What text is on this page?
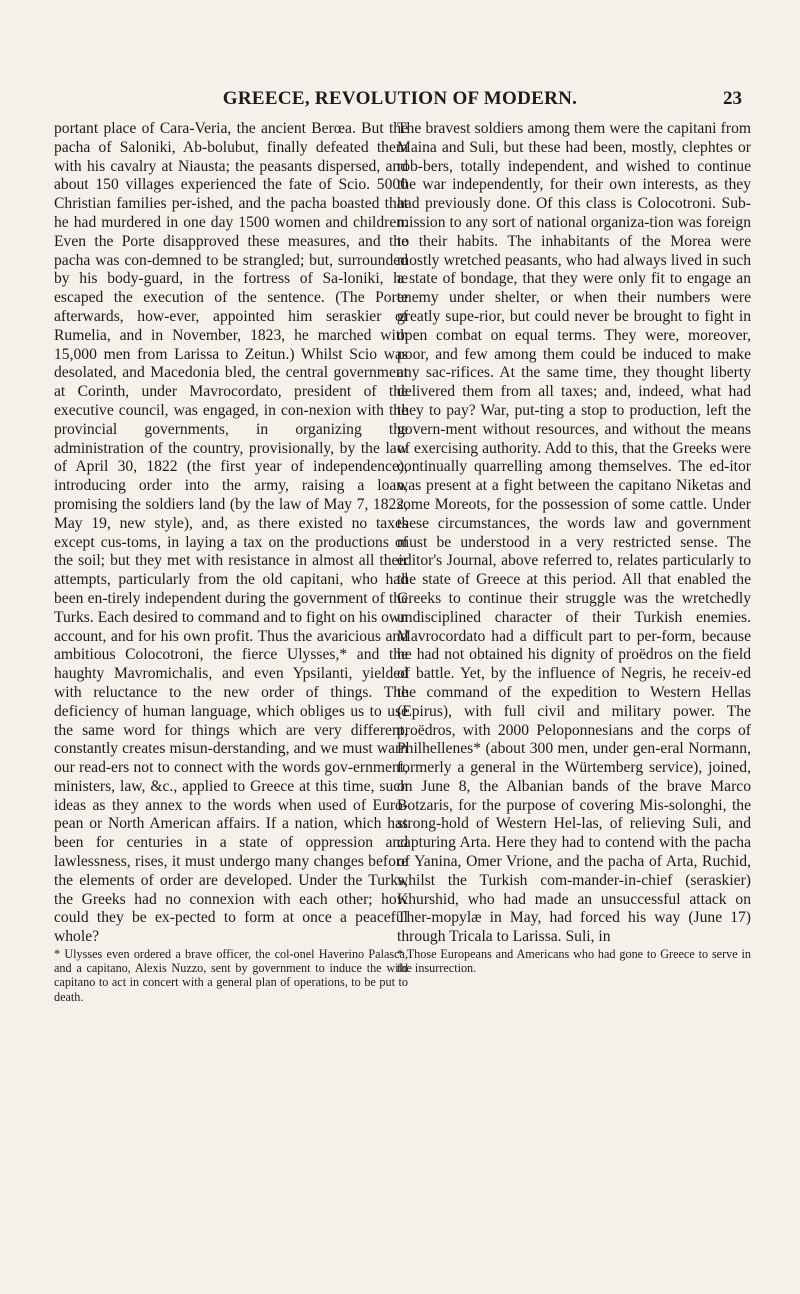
GREECE, REVOLUTION OF MODERN.	23

portant place of Cara-Veria, the ancient Berœa. But the pacha of Saloniki, Ab-bolubut, finally defeated them with his cavalry at Niausta; the peasants dispersed, and about 150 villages experienced the fate of Scio. 5000 Christian families per-ished, and the pacha boasted that he had murdered in one day 1500 women and children. Even the Porte disapproved these measures, and the pacha was con-demned to be strangled; but, surrounded by his body-guard, in the fortress of Sa-loniki, he escaped the execution of the sentence. (The Porte afterwards, how-ever, appointed him seraskier of Rumelia, and in November, 1823, he marched with 15,000 men from Larissa to Zeitun.) Whilst Scio was desolated, and Macedonia bled, the central government at Corinth, under Mavrocordato, president of the executive council, was engaged, in con-nexion with the provincial governments, in organizing the administration of the country, provisionally, by the law of April 30, 1822 (the first year of independence), introducing order into the army, raising a loan, promising the soldiers land (by the law of May 7, 1822, May 19, new style), and, as there existed no taxes except cus-toms, in laying a tax on the productions of the soil; but they met with resistance in almost all their attempts, particularly from the old capitani, who had been en-tirely independent during the government of the Turks. Each desired to command and to fight on his own account, and for his own profit. Thus the avaricious and ambitious Colocotroni, the fierce Ulysses,* and the haughty Mavromichalis, and even Ypsilanti, yielded with reluctance to the new order of things. The deficiency of human language, which obliges us to use the same word for things which are very different, constantly creates misun-derstanding, and we must warn our read-ers not to connect with the words gov-ernment, ministers, law, &c., applied to Greece at this time, such ideas as they annex to the words when used of Euro-pean or North American affairs. If a nation, which has been for centuries in a state of oppression and lawlessness, rises, it must undergo many changes before the elements of order are developed. Under the Turks, the Greeks had no connexion with each other; how could they be ex-pected to form at once a peaceful whole?

* Ulysses even ordered a brave officer, the col-onel Haverino Palasca, and a capitano, Alexis Nuzzo, sent by government to induce the wild capitano to act in concert with a general plan of operations, to be put to death.

The bravest soldiers among them were the capitani from Maina and Suli, but these had been, mostly, clephtes or rob-bers, totally independent, and wished to continue the war independently, for their own interests, as they had previously done. Of this class is Colocotroni. Sub-mission to any sort of national organiza-tion was foreign to their habits. The inhabitants of the Morea were mostly wretched peasants, who had always lived in such a state of bondage, that they were only fit to engage an enemy under shelter, or when their numbers were greatly supe-rior, but could never be brought to fight in open combat on equal terms. They were, moreover, poor, and few among them could be induced to make any sac-rifices. At the same time, they thought liberty delivered them from all taxes; and, indeed, what had they to pay? War, put-ting a stop to production, left the govern-ment without resources, and without the means of exercising authority. Add to this, that the Greeks were continually quarrelling among themselves. The ed-itor was present at a fight between the capitano Niketas and some Moreots, for the possession of some cattle. Under these circumstances, the words law and government must be understood in a very restricted sense. The editor's Journal, above referred to, relates particularly to the state of Greece at this period. All that enabled the Greeks to continue their struggle was the wretchedly undisciplined character of their Turkish enemies. Mavrocordato had a difficult part to per-form, because he had not obtained his dignity of proëdros on the field of battle. Yet, by the influence of Negris, he receiv-ed the command of the expedition to Western Hellas (Epirus), with full civil and military power. The proëdros, with 2000 Peloponnesians and the corps of Philhellenes* (about 300 men, under gen-eral Normann, formerly a general in the Würtemberg service), joined, on June 8, the Albanian bands of the brave Marco Botzaris, for the purpose of covering Mis-solonghi, the strong-hold of Western Hel-las, of relieving Suli, and capturing Arta. Here they had to contend with the pacha of Yanina, Omer Vrione, and the pacha of Arta, Ruchid, whilst the Turkish com-mander-in-chief (seraskier) Khurshid, who had made an unsuccessful attack on Ther-mopylæ in May, had forced his way (June 17) through Tricala to Larissa. Suli, in

* Those Europeans and Americans who had gone to Greece to serve in the insurrection.
